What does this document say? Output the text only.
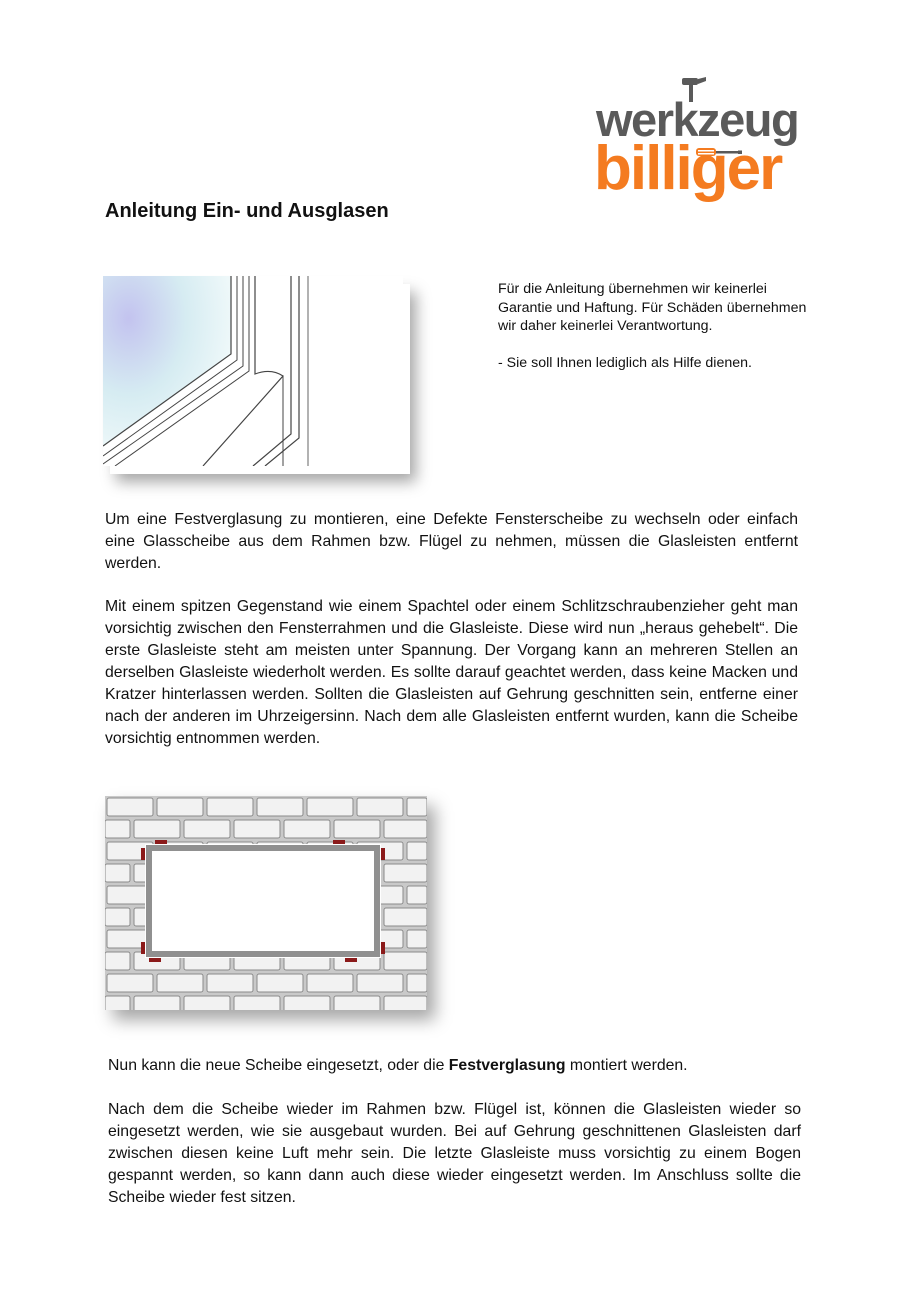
werkzeug
billiger
Anleitung Ein- und Ausglasen

Für die Anleitung übernehmen wir keinerlei Garantie und Haftung. Für Schäden übernehmen wir daher keinerlei Verantwortung.

- Sie soll Ihnen lediglich als Hilfe dienen.

Um eine Festverglasung zu montieren, eine Defekte Fensterscheibe zu wechseln oder einfach eine Glasscheibe aus dem Rahmen bzw. Flügel zu nehmen, müssen die Glasleisten entfernt werden.

Mit einem spitzen Gegenstand wie einem Spachtel oder einem Schlitzschraubenzieher geht man vorsichtig zwischen den Fensterrahmen und die Glasleiste. Diese wird nun „heraus gehebelt“. Die erste Glasleiste steht am meisten unter Spannung. Der Vorgang kann an mehreren Stellen an derselben Glasleiste wiederholt werden. Es sollte darauf geachtet werden, dass keine Macken und Kratzer hinterlassen werden. Sollten die Glasleisten auf Gehrung geschnitten sein, entferne einer nach der anderen im Uhrzeigersinn. Nach dem alle Glasleisten entfernt wurden, kann die Scheibe vorsichtig entnommen werden.

Nun kann die neue Scheibe eingesetzt, oder die Festverglasung montiert werden.

Nach dem die Scheibe wieder im Rahmen bzw. Flügel ist, können die Glasleisten wieder so eingesetzt werden, wie sie ausgebaut wurden. Bei auf Gehrung geschnittenen Glasleisten darf zwischen diesen keine Luft mehr sein. Die letzte Glasleiste muss vorsichtig zu einem Bogen gespannt werden, so kann dann auch diese wieder eingesetzt werden. Im Anschluss sollte die Scheibe wieder fest sitzen.
